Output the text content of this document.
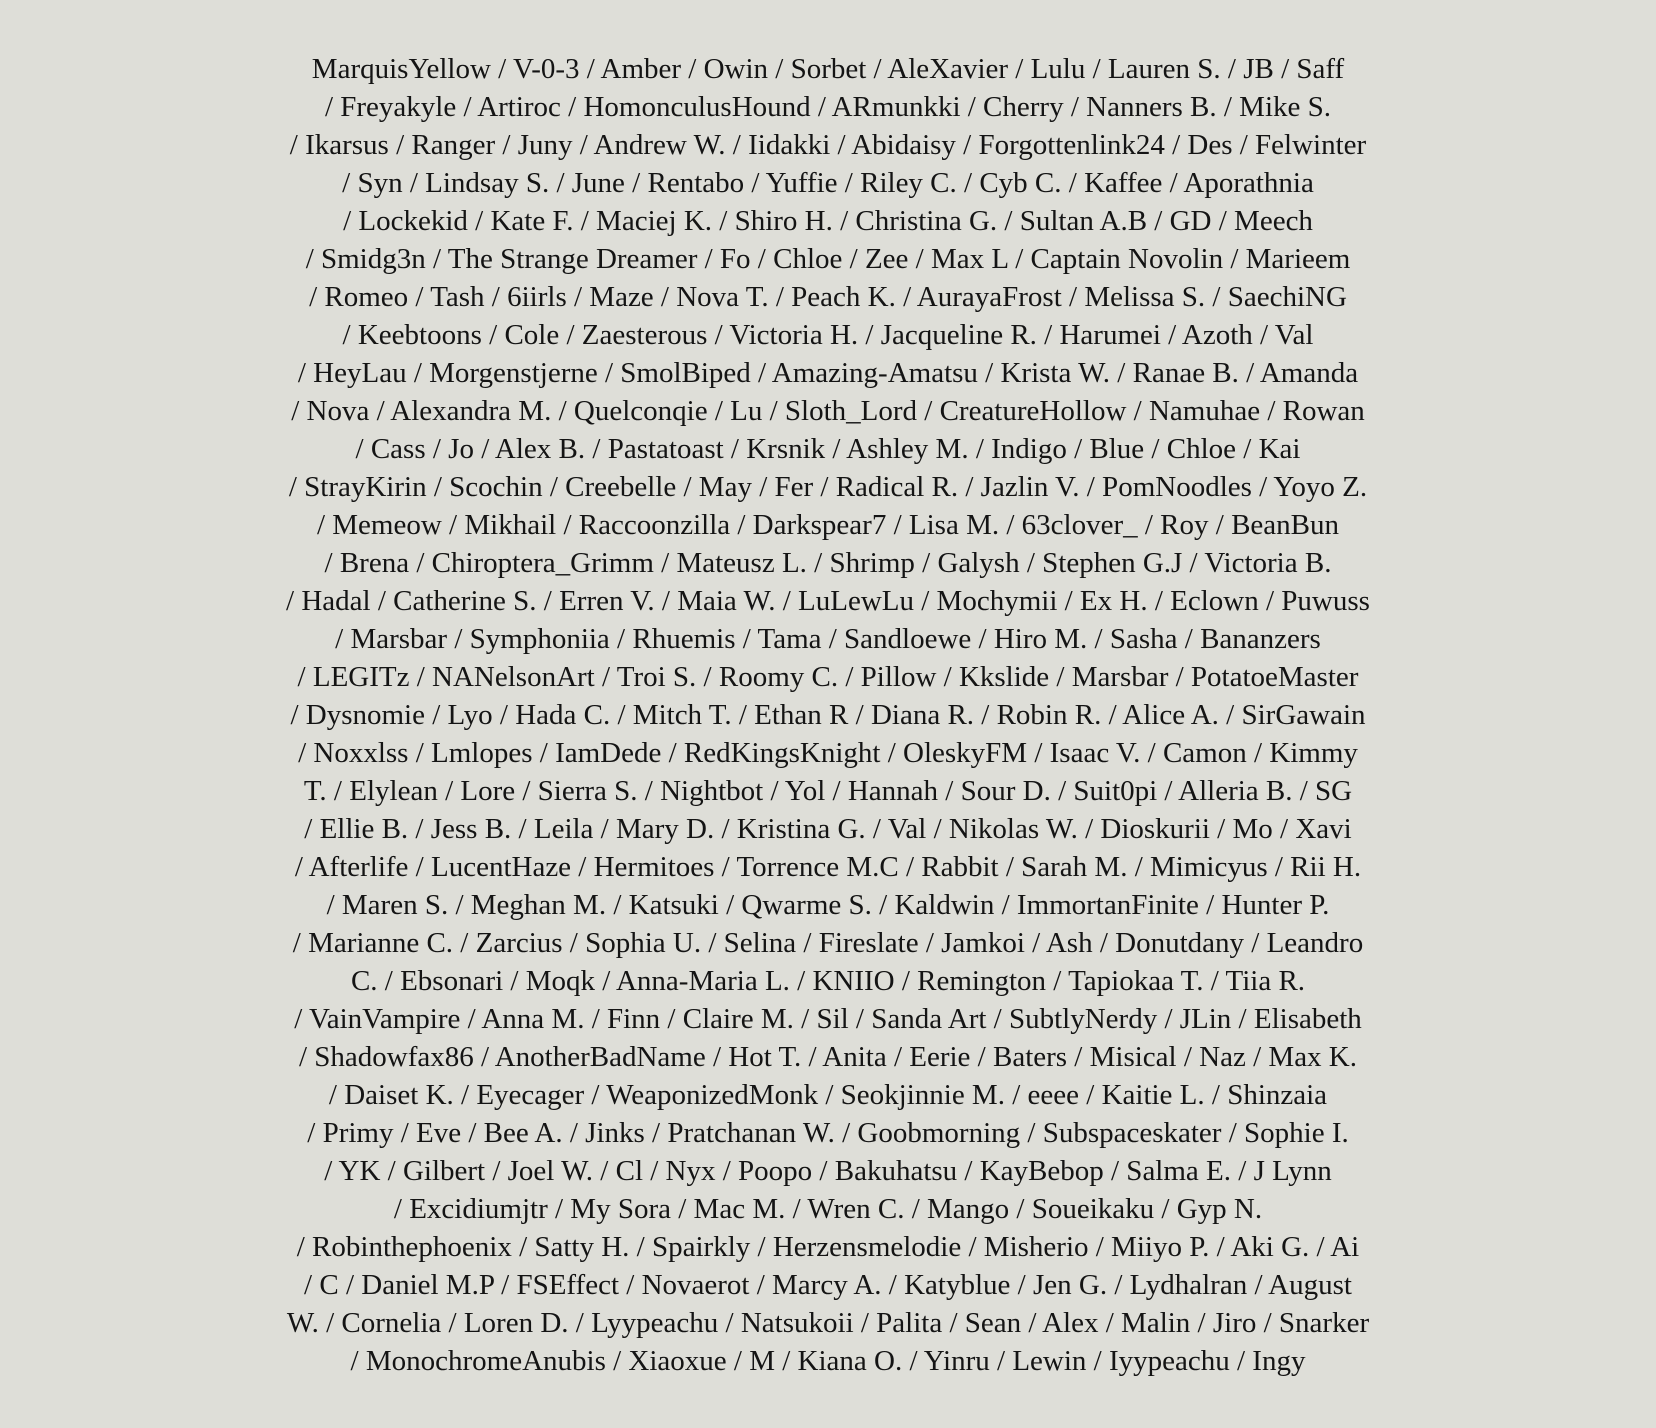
MarquisYellow / V-0-3 / Amber / Owin / Sorbet / AleXavier / Lulu / Lauren S. / JB / Saff
/ Freyakyle / Artiroc / HomonculusHound / ARmunkki / Cherry / Nanners B. / Mike S.
/ Ikarsus / Ranger / Juny / Andrew W. / Iidakki / Abidaisy / Forgottenlink24 / Des / Felwinter
/ Syn / Lindsay S. / June / Rentabo / Yuffie / Riley C. / Cyb C. / Kaffee / Aporathnia
/ Lockekid / Kate F. / Maciej K. / Shiro H. / Christina G. / Sultan A.B / GD / Meech
/ Smidg3n / The Strange Dreamer / Fo / Chloe / Zee / Max L / Captain Novolin / Marieem
/ Romeo / Tash / 6iirls / Maze / Nova T. / Peach K. / AurayaFrost / Melissa S. / SaechiNG
/ Keebtoons / Cole / Zaesterous / Victoria H. / Jacqueline R. / Harumei / Azoth / Val
/ HeyLau / Morgenstjerne / SmolBiped / Amazing-Amatsu / Krista W. / Ranae B. / Amanda
/ Nova / Alexandra M. / Quelconqie / Lu / Sloth_Lord / CreatureHollow / Namuhae / Rowan
/ Cass / Jo / Alex B. / Pastatoast / Krsnik / Ashley M. / Indigo / Blue / Chloe / Kai
/ StrayKirin / Scochin / Creebelle / May / Fer / Radical R. / Jazlin V. / PomNoodles / Yoyo Z.
/ Memeow / Mikhail / Raccoonzilla / Darkspear7 / Lisa M. / 63clover_ / Roy / BeanBun
/ Brena / Chiroptera_Grimm / Mateusz L. / Shrimp / Galysh / Stephen G.J / Victoria B.
/ Hadal / Catherine S. / Erren V. / Maia W. / LuLewLu / Mochymii / Ex H. / Eclown / Puwuss
/ Marsbar / Symphoniia / Rhuemis / Tama / Sandloewe / Hiro M. / Sasha / Bananzers
/ LEGITz / NANelsonArt / Troi S. / Roomy C. / Pillow / Kkslide / Marsbar / PotatoeMaster
/ Dysnomie / Lyo / Hada C. / Mitch T. / Ethan R / Diana R. / Robin R. / Alice A. / SirGawain
/ Noxxlss / Lmlopes / IamDede / RedKingsKnight / OleskyFM / Isaac V. / Camon / Kimmy
T. / Elylean / Lore / Sierra S. / Nightbot / Yol / Hannah / Sour D. / Suit0pi / Alleria B. / SG
/ Ellie B. / Jess B. / Leila / Mary D. / Kristina G. / Val / Nikolas W. / Dioskurii / Mo / Xavi
/ Afterlife / LucentHaze / Hermitoes / Torrence M.C / Rabbit / Sarah M. / Mimicyus / Rii H.
/ Maren S. / Meghan M. / Katsuki / Qwarme S. / Kaldwin / ImmortanFinite / Hunter P.
/ Marianne C. / Zarcius / Sophia U. / Selina / Fireslate / Jamkoi / Ash / Donutdany / Leandro
C. / Ebsonari / Moqk / Anna-Maria L. / KNIIO / Remington / Tapiokaa T. / Tiia R.
/ VainVampire / Anna M. / Finn / Claire M. / Sil / Sanda Art / SubtlyNerdy / JLin / Elisabeth
/ Shadowfax86 / AnotherBadName / Hot T. / Anita / Eerie / Baters / Misical / Naz / Max K.
/ Daiset K. / Eyecager / WeaponizedMonk / Seokjinnie M. / eeee / Kaitie L. / Shinzaia
/ Primy / Eve / Bee A. / Jinks / Pratchanan W. / Goobmorning / Subspaceskater / Sophie I.
/ YK / Gilbert / Joel W. / Cl / Nyx / Poopo / Bakuhatsu / KayBebop / Salma E. / J Lynn
/ Excidiumjtr / My Sora / Mac M. / Wren C. / Mango / Soueikaku / Gyp N.
/ Robinthephoenix / Satty H. / Spairkly / Herzensmelodie / Misherio / Miiyo P. / Aki G. / Ai
/ C / Daniel M.P / FSEffect / Novaerot / Marcy A. / Katyblue / Jen G. / Lydhalran / August
W. / Cornelia / Loren D. / Lyypeachu / Natsukoii / Palita / Sean / Alex / Malin / Jiro / Snarker
/ MonochromeAnubis / Xiaoxue / M / Kiana O. / Yinru / Lewin / Iyypeachu / Ingy
